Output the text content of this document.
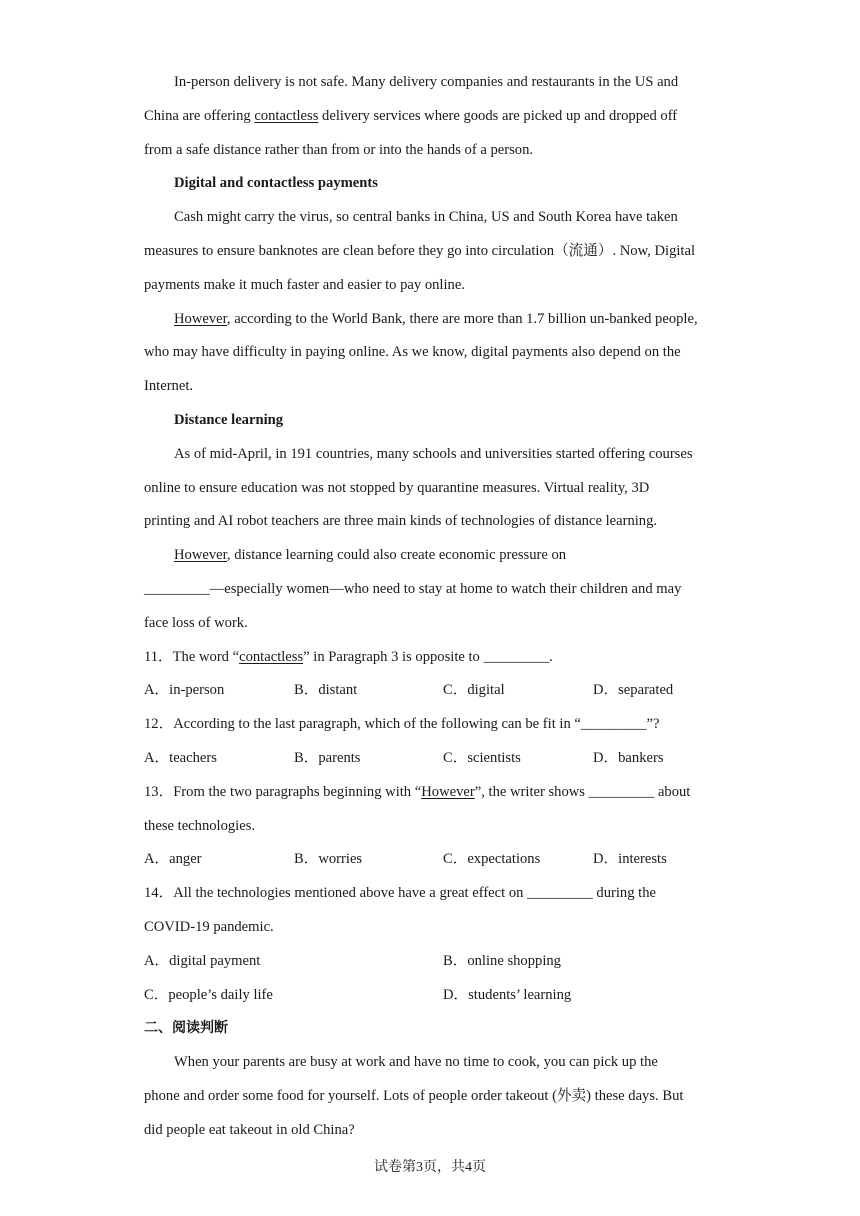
In-person delivery is not safe. Many delivery companies and restaurants in the US and
China are offering contactless delivery services where goods are picked up and dropped off
from a safe distance rather than from or into the hands of a person.
Digital and contactless payments
Cash might carry the virus, so central banks in China, US and South Korea have taken
measures to ensure banknotes are clean before they go into circulation（流通）. Now, Digital
payments make it much faster and easier to pay online.
However, according to the World Bank, there are more than 1.7 billion un-banked people,
who may have difficulty in paying online. As we know, digital payments also depend on the
Internet.
Distance learning
As of mid-April, in 191 countries, many schools and universities started offering courses
online to ensure education was not stopped by quarantine measures. Virtual reality, 3D
printing and AI robot teachers are three main kinds of technologies of distance learning.
However, distance learning could also create economic pressure on
_________—especially women—who need to stay at home to watch their children and may
face loss of work.
11．The word “contactless” in Paragraph 3 is opposite to _________.
A．in-person	B．distant	C．digital	D．separated
12．According to the last paragraph, which of the following can be fit in “_________”?
A．teachers	B．parents	C．scientists	D．bankers
13．From the two paragraphs beginning with “However”, the writer shows _________ about
these technologies.
A．anger	B．worries	C．expectations	D．interests
14．All the technologies mentioned above have a great effect on _________ during the
COVID-19 pandemic.
A．digital payment	B．online shopping
C．people’s daily life	D．students’ learning
二、阅读判断
When your parents are busy at work and have no time to cook, you can pick up the
phone and order some food for yourself. Lots of people order takeout (外卖) these days. But
did people eat takeout in old China?
试卷第3页，共4页
